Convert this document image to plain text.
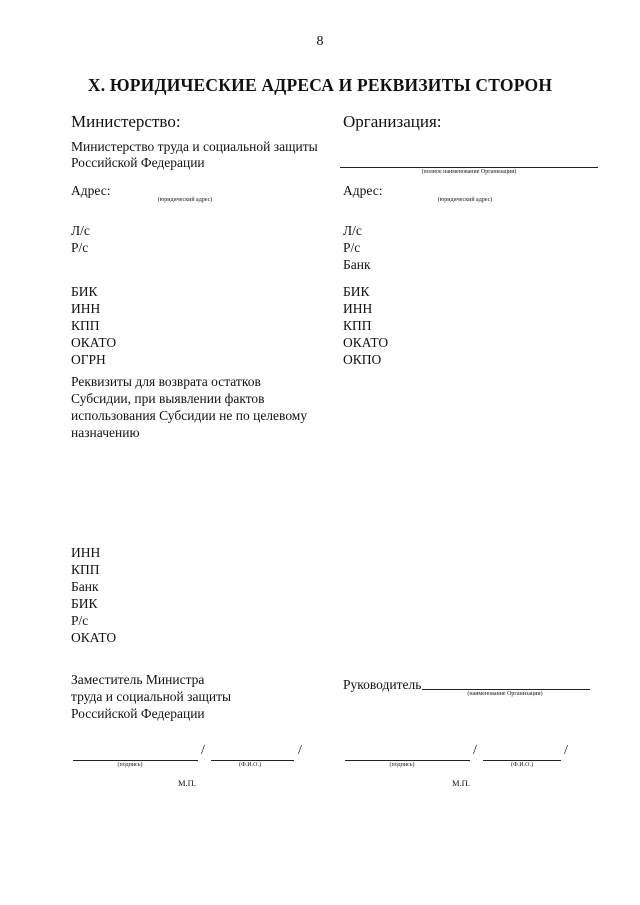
8
X. ЮРИДИЧЕСКИЕ АДРЕСА И РЕКВИЗИТЫ СТОРОН
Министерство:
Министерство труда и социальной защиты
Российской Федерации
Адрес:
(юридический адрес)
Л/с
Р/с
БИК
ИНН
КПП
ОКАТО
ОГРН
Реквизиты для возврата остатков
Субсидии, при выявлении фактов
использования Субсидии не по целевому
назначению
ИНН
КПП
Банк
БИК
Р/с
ОКАТО
Заместитель Министра
труда и социальной защиты
Российской Федерации
/	/
(подпись)	(Ф.И.О.)
М.П.
Организация:
(полное наименование Организации)
Адрес:
(юридический адрес)
Л/с
Р/с
Банк
БИК
ИНН
КПП
ОКАТО
ОКПО
Руководитель
(наименование Организации)
/	/
(подпись)	(Ф.И.О.)
М.П.
